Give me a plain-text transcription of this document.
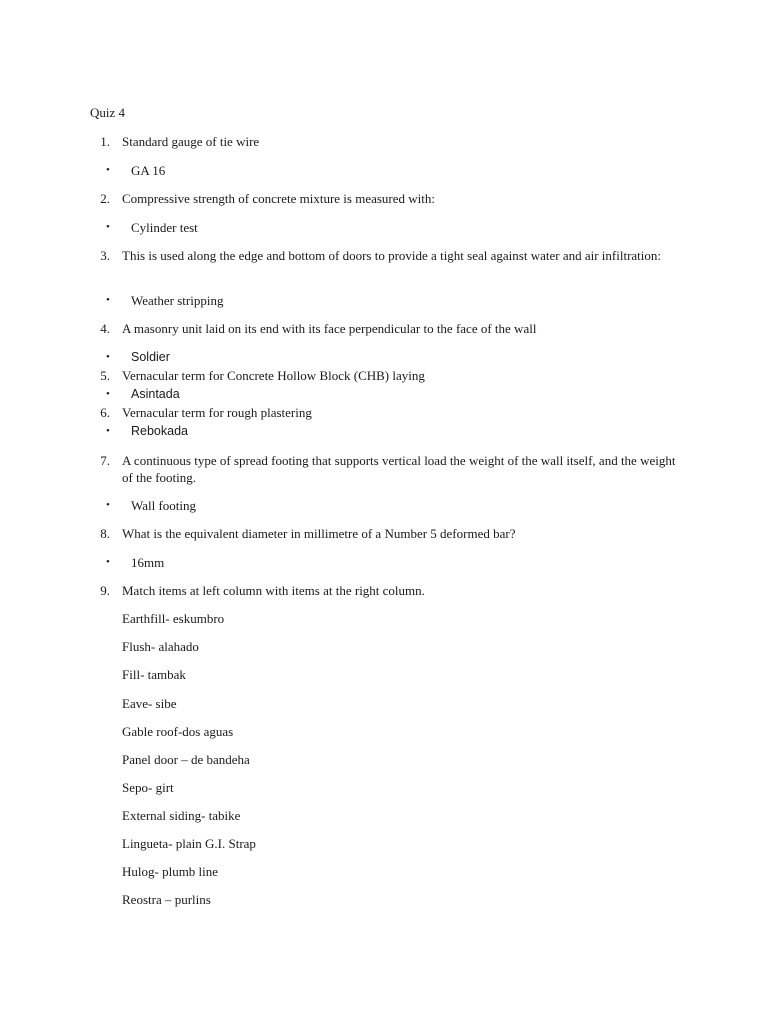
Quiz 4
1. Standard gauge of tie wire
• GA 16
2. Compressive strength of concrete mixture is measured with:
• Cylinder test
3. This is used along the edge and bottom of doors to provide a tight seal against water and air infiltration:
• Weather stripping
4. A masonry unit laid on its end with its face perpendicular to the face of the wall
• Soldier
5. Vernacular term for Concrete Hollow Block (CHB) laying
• Asintada
6. Vernacular term for rough plastering
• Rebokada
7. A continuous type of spread footing that supports vertical load the weight of the wall itself, and the weight of the footing.
• Wall footing
8. What is the equivalent diameter in millimetre of a Number 5 deformed bar?
• 16mm
9. Match items at left column with items at the right column.
Earthfill- eskumbro
Flush- alahado
Fill- tambak
Eave- sibe
Gable roof-dos aguas
Panel door – de bandeha
Sepo- girt
External siding- tabike
Lingueta- plain G.I. Strap
Hulog- plumb line
Reostra – purlins
